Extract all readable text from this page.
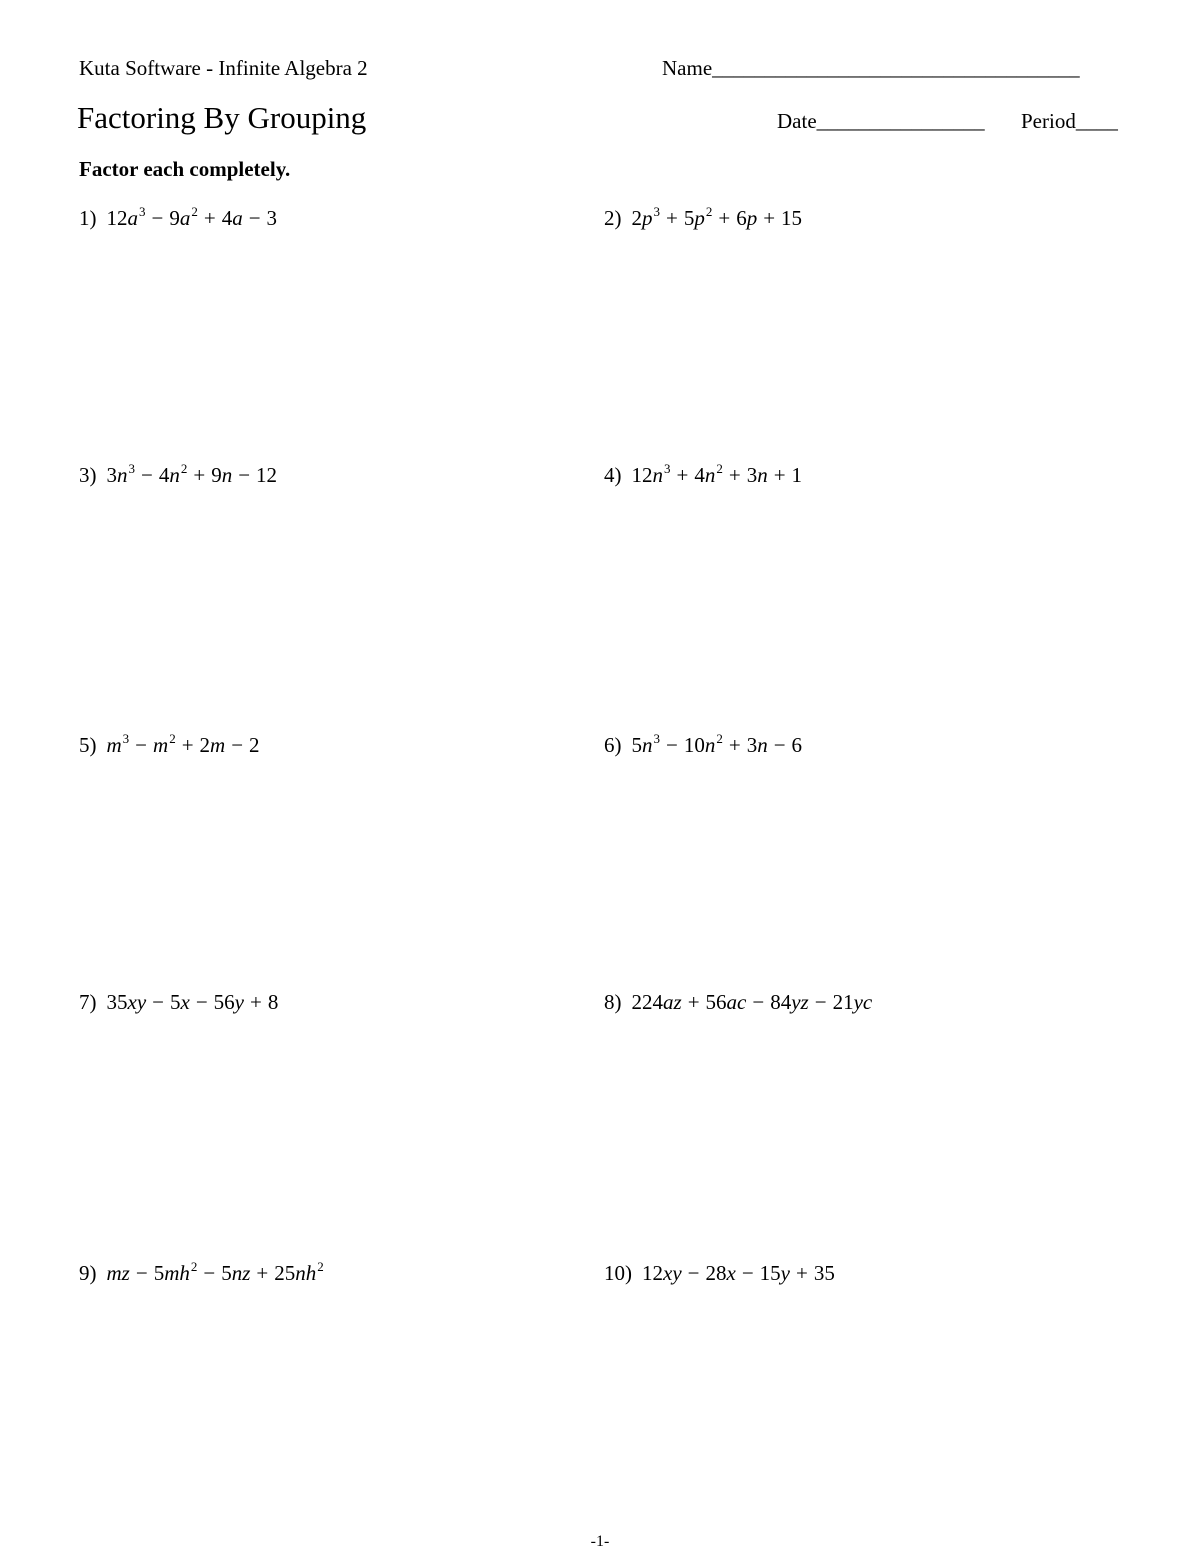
Kuta Software - Infinite Algebra 2	Name___________________________________
Factoring By Grouping	Date________________ Period____
Factor each completely.
1) $12a^3 - 9a^2 + 4a - 3$	2) $2p^3 + 5p^2 + 6p + 15$
3) $3n^3 - 4n^2 + 9n - 12$	4) $12n^3 + 4n^2 + 3n + 1$
5) $m^3 - m^2 + 2m - 2$	6) $5n^3 - 10n^2 + 3n - 6$
7) 35xy − 5x − 56y + 8	8) 224az + 56ac − 84yz − 21yc
9) mz − $5mh^2 - 5nz + 25nh^2$	10) 12xy − 28x − 15y + 35
-1-
